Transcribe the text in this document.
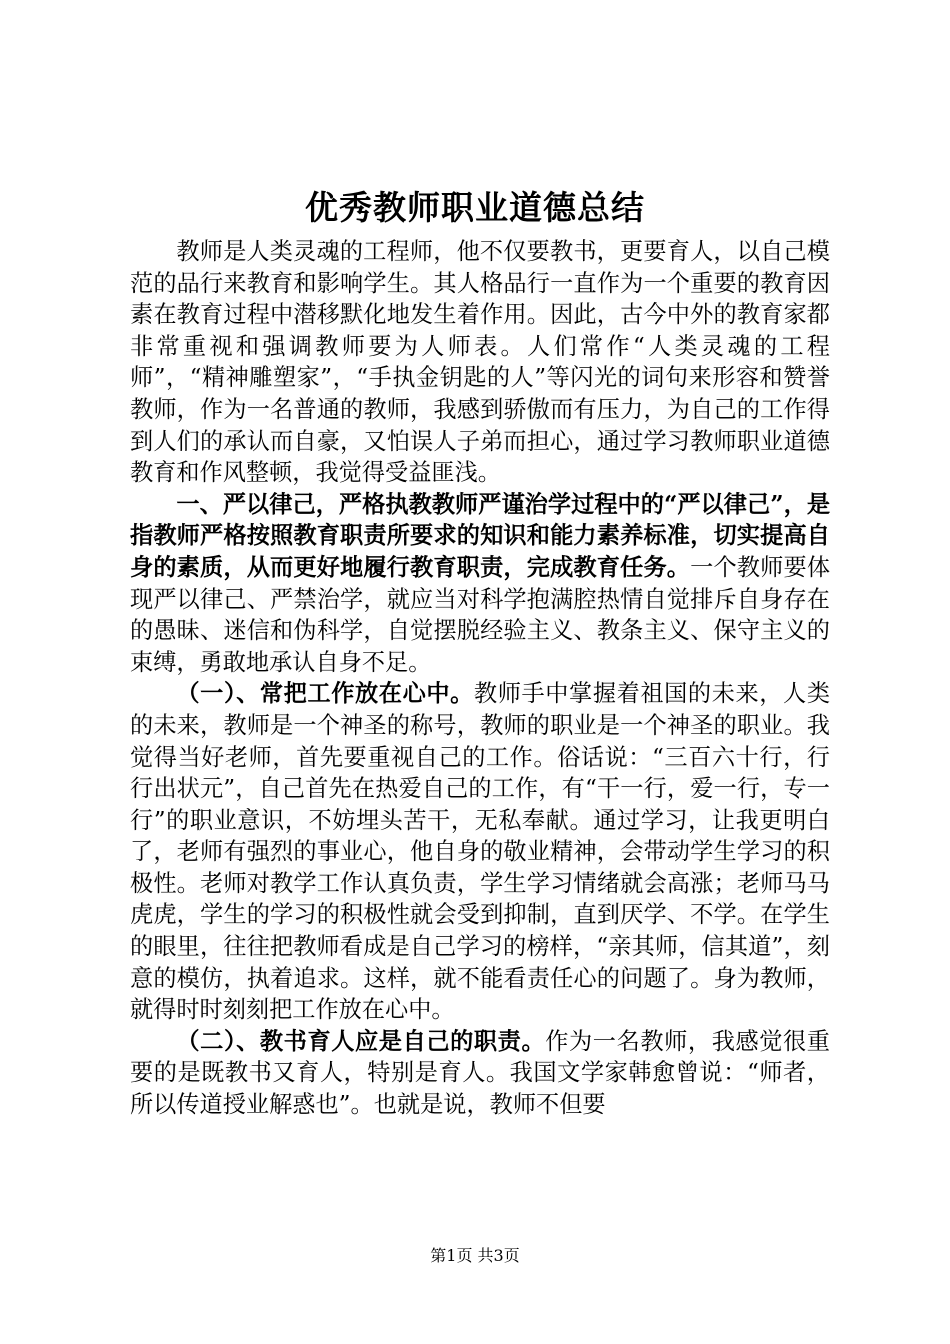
优秀教师职业道德总结

教师是人类灵魂的工程师，他不仅要教书，更要育人，以自己模范的品行来教育和影响学生。其人格品行一直作为一个重要的教育因素在教育过程中潜移默化地发生着作用。因此，古今中外的教育家都非常重视和强调教师要为人师表。人们常作“人类灵魂的工程师”，“精神雕塑家”，“手执金钥匙的人”等闪光的词句来形容和赞誉教师，作为一名普通的教师，我感到骄傲而有压力，为自己的工作得到人们的承认而自豪，又怕误人子弟而担心，通过学习教师职业道德教育和作风整顿，我觉得受益匪浅。

一、严以律己，严格执教教师严谨治学过程中的“严以律己”，是指教师严格按照教育职责所要求的知识和能力素养标准，切实提高自身的素质，从而更好地履行教育职责，完成教育任务。一个教师要体现严以律己、严禁治学，就应当对科学抱满腔热情自觉排斥自身存在的愚昧、迷信和伪科学，自觉摆脱经验主义、教条主义、保守主义的束缚，勇敢地承认自身不足。

（一）、常把工作放在心中。教师手中掌握着祖国的未来，人类的未来，教师是一个神圣的称号，教师的职业是一个神圣的职业。我觉得当好老师，首先要重视自己的工作。俗话说：“三百六十行，行行出状元”，自己首先在热爱自己的工作，有“干一行，爱一行，专一行”的职业意识，不妨埋头苦干，无私奉献。通过学习，让我更明白了，老师有强烈的事业心，他自身的敬业精神，会带动学生学习的积极性。老师对教学工作认真负责，学生学习情绪就会高涨；老师马马虎虎，学生的学习的积极性就会受到抑制，直到厌学、不学。在学生的眼里，往往把教师看成是自己学习的榜样，“亲其师，信其道”，刻意的模仿，执着追求。这样，就不能看责任心的问题了。身为教师，就得时时刻刻把工作放在心中。

（二）、教书育人应是自己的职责。作为一名教师，我感觉很重要的是既教书又育人，特别是育人。我国文学家韩愈曾说：“师者，所以传道授业解惑也”。也就是说，教师不但要

第1页 共3页
